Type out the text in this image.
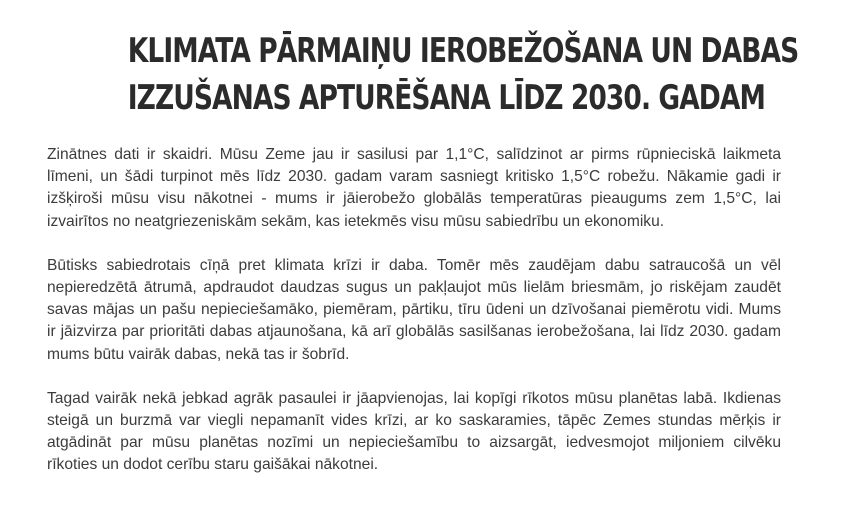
KLIMATA PĀRMAIŅU IEROBEŽOŠANA UN DABAS
IZZUŠANAS APTURĒŠANA LĪDZ 2030. GADAM

Zinātnes dati ir skaidri. Mūsu Zeme jau ir sasilusi par 1,1°C, salīdzinot ar pirms rūpnieciskā laikmeta līmeni, un šādi turpinot mēs līdz 2030. gadam varam sasniegt kritisko 1,5°C robežu. Nākamie gadi ir izšķiroši mūsu visu nākotnei - mums ir jāierobežo globālās temperatūras pieaugums zem 1,5°C, lai izvairītos no neatgriezeniskām sekām, kas ietekmēs visu mūsu sabiedrību un ekonomiku.

Būtisks sabiedrotais cīņā pret klimata krīzi ir daba. Tomēr mēs zaudējam dabu satraucošā un vēl nepieredzētā ātrumā, apdraudot daudzas sugus un pakļaujot mūs lielām briesmām, jo riskējam zaudēt savas mājas un pašu nepieciešamāko, piemēram, pārtiku, tīru ūdeni un dzīvošanai piemērotu vidi. Mums ir jāizvirza par prioritāti dabas atjaunošana, kā arī globālās sasilšanas ierobežošana, lai līdz 2030. gadam mums būtu vairāk dabas, nekā tas ir šobrīd.

Tagad vairāk nekā jebkad agrāk pasaulei ir jāapvienojas, lai kopīgi rīkotos mūsu planētas labā. Ikdienas steigā un burzmā var viegli nepamanīt vides krīzi, ar ko saskaramies, tāpēc Zemes stundas mērķis ir atgādināt par mūsu planētas nozīmi un nepieciešamību to aizsargāt, iedvesmojot miljoniem cilvēku rīkoties un dodot cerību staru gaišākai nākotnei.
